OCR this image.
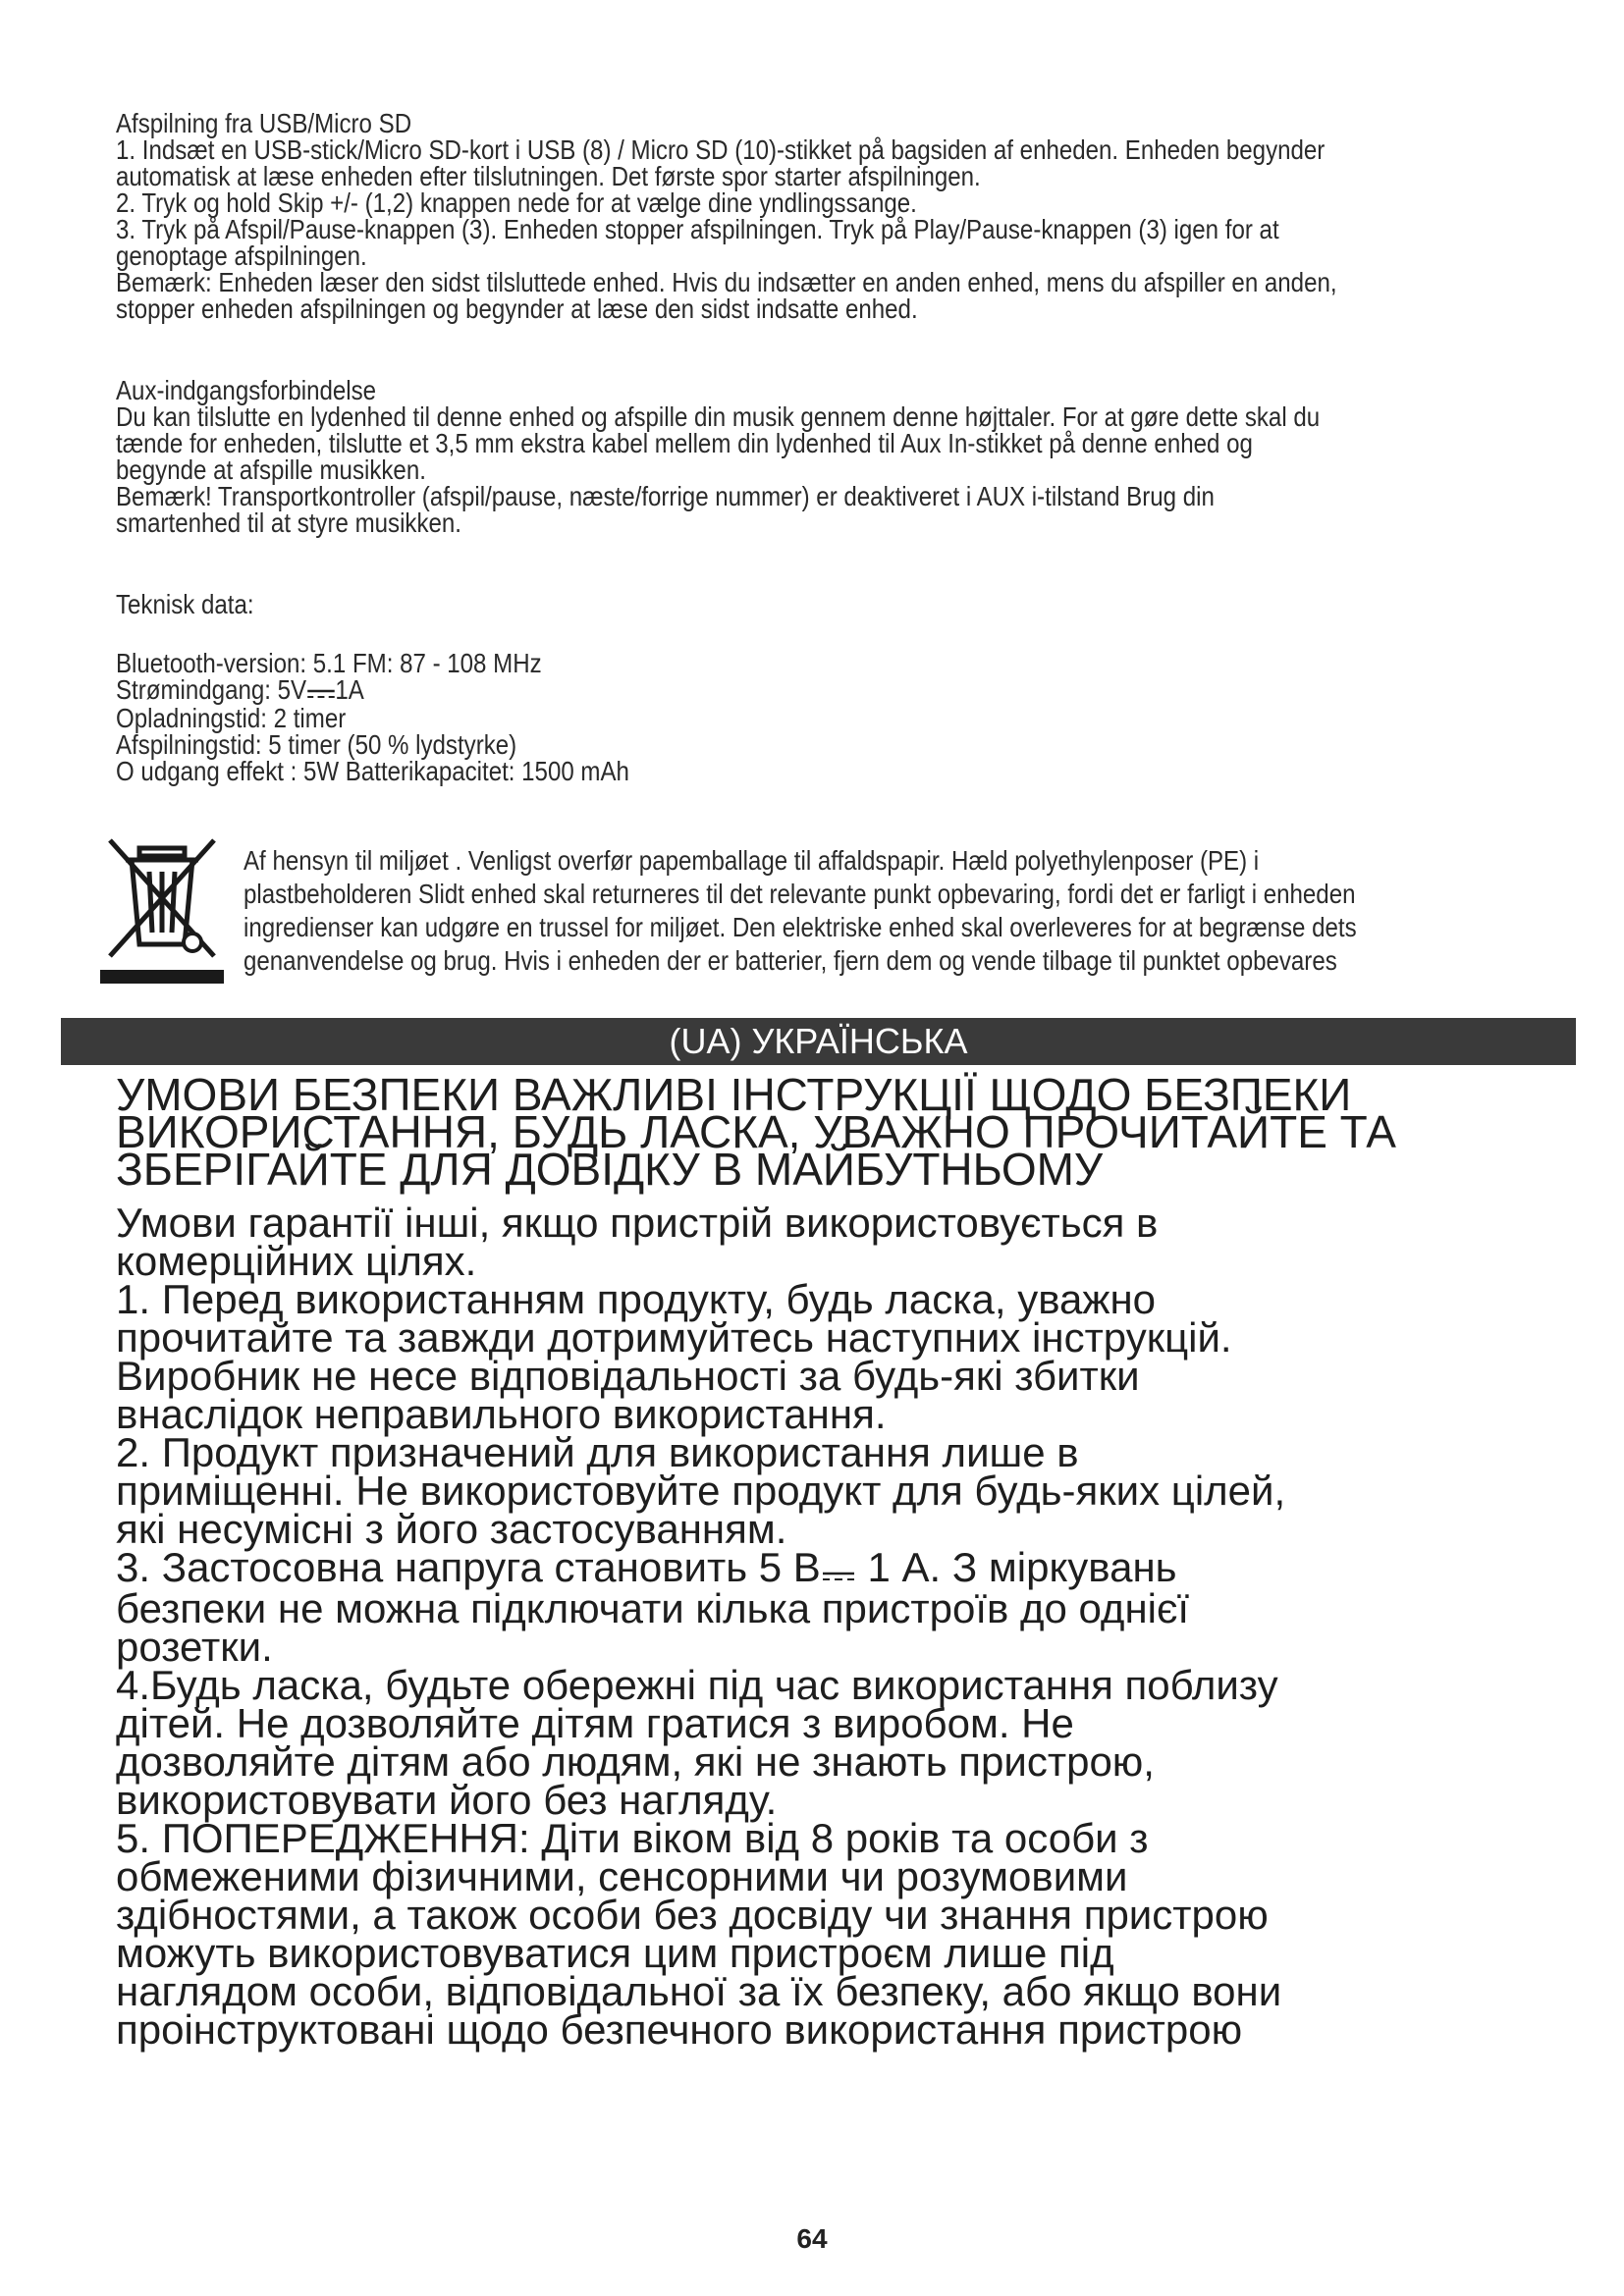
Afspilning fra USB/Micro SD

1. Indsæt en USB-stick/Micro SD-kort i USB (8) / Micro SD (10)-stikket på bagsiden af enheden. Enheden begynder

automatisk at læse enheden efter tilslutningen. Det første spor starter afspilningen.

2. Tryk og hold Skip +/- (1,2) knappen nede for at vælge dine yndlingssange.

3. Tryk på Afspil/Pause-knappen (3). Enheden stopper afspilningen. Tryk på Play/Pause-knappen (3) igen for at

genoptage afspilningen.

Bemærk: Enheden læser den sidst tilsluttede enhed. Hvis du indsætter en anden enhed, mens du afspiller en anden,

stopper enheden afspilningen og begynder at læse den sidst indsatte enhed.

Aux-indgangsforbindelse

Du kan tilslutte en lydenhed til denne enhed og afspille din musik gennem denne højttaler. For at gøre dette skal du

tænde for enheden, tilslutte et 3,5 mm ekstra kabel mellem din lydenhed til Aux In-stikket på denne enhed og

begynde at afspille musikken.

Bemærk! Transportkontroller (afspil/pause, næste/forrige nummer) er deaktiveret i AUX i-tilstand Brug din

smartenhed til at styre musikken.

Teknisk data:

Bluetooth-version: 5.1 FM: 87 - 108 MHz

Strømindgang: 5V 1A

Opladningstid: 2 timer

Afspilningstid: 5 timer (50 % lydstyrke)

O udgang effekt : 5W Batterikapacitet: 1500 mAh

Af hensyn til miljøet . Venligst overfør papemballage til affaldspapir. Hæld polyethylenposer (PE) i

plastbeholderen Slidt enhed skal returneres til det relevante punkt opbevaring, fordi det er farligt i enheden

ingredienser kan udgøre en trussel for miljøet. Den elektriske enhed skal overleveres for at begrænse dets

genanvendelse og brug. Hvis i enheden der er batterier, fjern dem og vende tilbage til punktet opbevares

(UA) УКРАЇНСЬКА

УМОВИ БЕЗПЕКИ ВАЖЛИВІ ІНСТРУКЦІЇ ЩОДО БЕЗПЕКИ

ВИКОРИСТАННЯ, БУДЬ ЛАСКА, УВАЖНО ПРОЧИТАЙТЕ ТА

ЗБЕРІГАЙТЕ ДЛЯ ДОВІДКУ В МАЙБУТНЬОМУ

Умови гарантії інші, якщо пристрій використовується в

комерційних цілях.

1. Перед використанням продукту, будь ласка, уважно

прочитайте та завжди дотримуйтесь наступних інструкцій.

Виробник не несе відповідальності за будь-які збитки

внаслідок неправильного використання.

2. Продукт призначений для використання лише в

приміщенні. Не використовуйте продукт для будь-яких цілей,

які несумісні з його застосуванням.

3. Застосовна напруга становить 5 В 1 А. З міркувань

безпеки не можна підключати кілька пристроїв до однієї

розетки.

4.Будь ласка, будьте обережні під час використання поблизу

дітей. Не дозволяйте дітям гратися з виробом. Не

дозволяйте дітям або людям, які не знають пристрою,

використовувати його без нагляду.

5. ПОПЕРЕДЖЕННЯ: Діти віком від 8 років та особи з

обмеженими фізичними, сенсорними чи розумовими

здібностями, а також особи без досвіду чи знання пристрою

можуть використовуватися цим пристроєм лише під

наглядом особи, відповідальної за їх безпеку, або якщо вони

проінструктовані щодо безпечного використання пристрою

64
